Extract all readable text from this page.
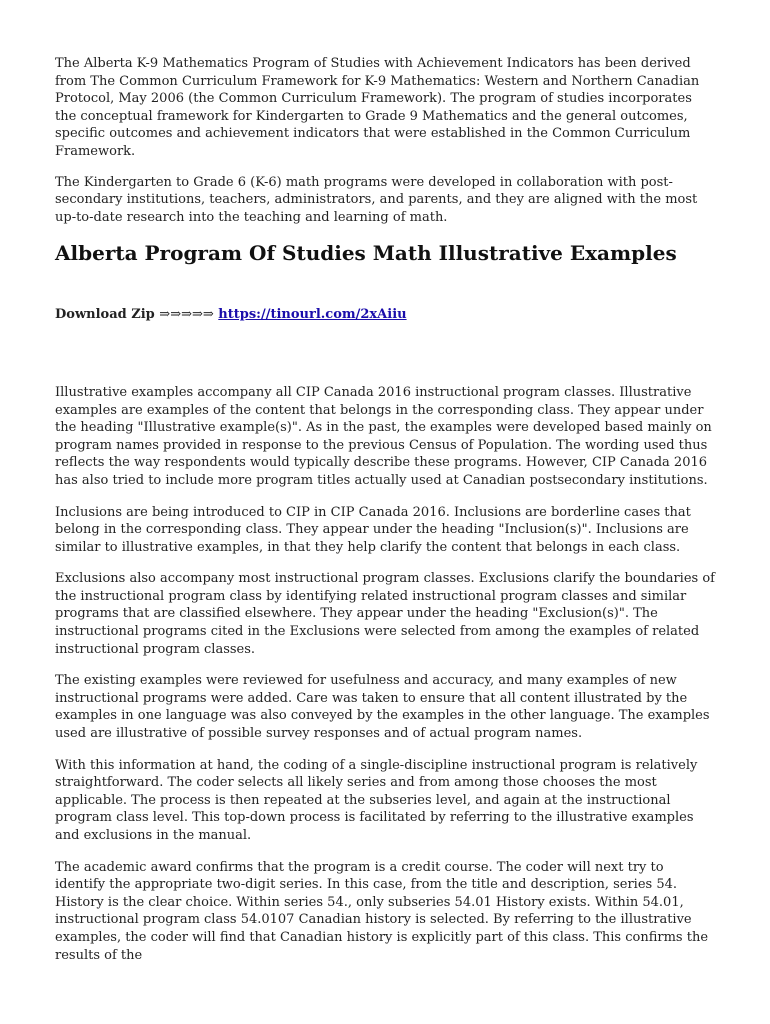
The Alberta K-9 Mathematics Program of Studies with Achievement Indicators has been derived from The Common Curriculum Framework for K-9 Mathematics: Western and Northern Canadian Protocol, May 2006 (the Common Curriculum Framework). The program of studies incorporates the conceptual framework for Kindergarten to Grade 9 Mathematics and the general outcomes, specific outcomes and achievement indicators that were established in the Common Curriculum Framework.

The Kindergarten to Grade 6 (K-6) math programs were developed in collaboration with post-secondary institutions, teachers, administrators, and parents, and they are aligned with the most up-to-date research into the teaching and learning of math.

Alberta Program Of Studies Math Illustrative Examples
Download Zip ⇒⇒⇒⇒⇒ https://tinourl.com/2xAiiu

Illustrative examples accompany all CIP Canada 2016 instructional program classes. Illustrative examples are examples of the content that belongs in the corresponding class. They appear under the heading "Illustrative example(s)". As in the past, the examples were developed based mainly on program names provided in response to the previous Census of Population. The wording used thus reflects the way respondents would typically describe these programs. However, CIP Canada 2016 has also tried to include more program titles actually used at Canadian postsecondary institutions.

Inclusions are being introduced to CIP in CIP Canada 2016. Inclusions are borderline cases that belong in the corresponding class. They appear under the heading "Inclusion(s)". Inclusions are similar to illustrative examples, in that they help clarify the content that belongs in each class.

Exclusions also accompany most instructional program classes. Exclusions clarify the boundaries of the instructional program class by identifying related instructional program classes and similar programs that are classified elsewhere. They appear under the heading "Exclusion(s)". The instructional programs cited in the Exclusions were selected from among the examples of related instructional program classes.

The existing examples were reviewed for usefulness and accuracy, and many examples of new instructional programs were added. Care was taken to ensure that all content illustrated by the examples in one language was also conveyed by the examples in the other language. The examples used are illustrative of possible survey responses and of actual program names.

With this information at hand, the coding of a single-discipline instructional program is relatively straightforward. The coder selects all likely series and from among those chooses the most applicable. The process is then repeated at the subseries level, and again at the instructional program class level. This top-down process is facilitated by referring to the illustrative examples and exclusions in the manual.

The academic award confirms that the program is a credit course. The coder will next try to identify the appropriate two-digit series. In this case, from the title and description, series 54. History is the clear choice. Within series 54., only subseries 54.01 History exists. Within 54.01, instructional program class 54.0107 Canadian history is selected. By referring to the illustrative examples, the coder will find that Canadian history is explicitly part of this class. This confirms the results of the
